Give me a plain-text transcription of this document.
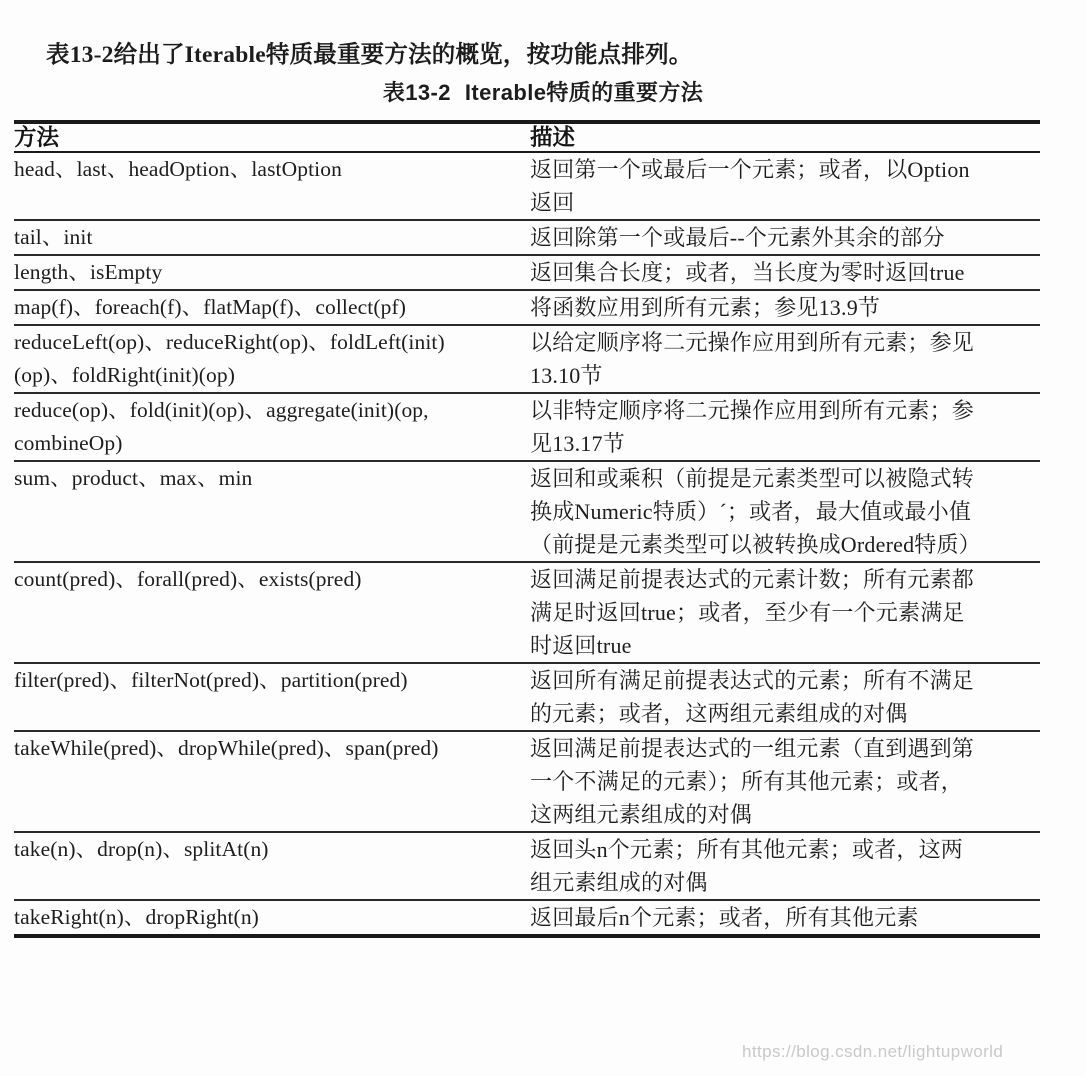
表13-2给出了Iterable特质最重要方法的概览，按功能点排列。

表13-2 Iterable特质的重要方法
方法	描述

head、last、headOption、lastOption	返回第一个或最后一个元素；或者，以Option
返回

tail、init	返回除第一个或最后--个元素外其余的部分

length、isEmpty	返回集合长度；或者，当长度为零时返回true

map(f)、foreach(f)、flatMap(f)、collect(pf)	将函数应用到所有元素；参见13.9节

reduceLeft(op)、reduceRight(op)、foldLeft(init)
(op)、foldRight(init)(op)	以给定顺序将二元操作应用到所有元素；参见
13.10节

reduce(op)、fold(init)(op)、aggregate(init)(op,
combineOp)	以非特定顺序将二元操作应用到所有元素；参
见13.17节

sum、product、max、min	返回和或乘积（前提是元素类型可以被隐式转
换成Numeric特质）ˊ；或者，最大值或最小值
（前提是元素类型可以被转换成Ordered特质）

count(pred)、forall(pred)、exists(pred)	返回满足前提表达式的元素计数；所有元素都
满足时返回true；或者，至少有一个元素满足
时返回true

filter(pred)、filterNot(pred)、partition(pred)	返回所有满足前提表达式的元素；所有不满足
的元素；或者，这两组元素组成的对偶

takeWhile(pred)、dropWhile(pred)、span(pred)	返回满足前提表达式的一组元素（直到遇到第
一个不满足的元素）；所有其他元素；或者，
这两组元素组成的对偶

take(n)、drop(n)、splitAt(n)	返回头n个元素；所有其他元素；或者，这两
组元素组成的对偶

takeRight(n)、dropRight(n)	返回最后n个元素；或者，所有其他元素
https://blog.csdn.net/lightupworld
